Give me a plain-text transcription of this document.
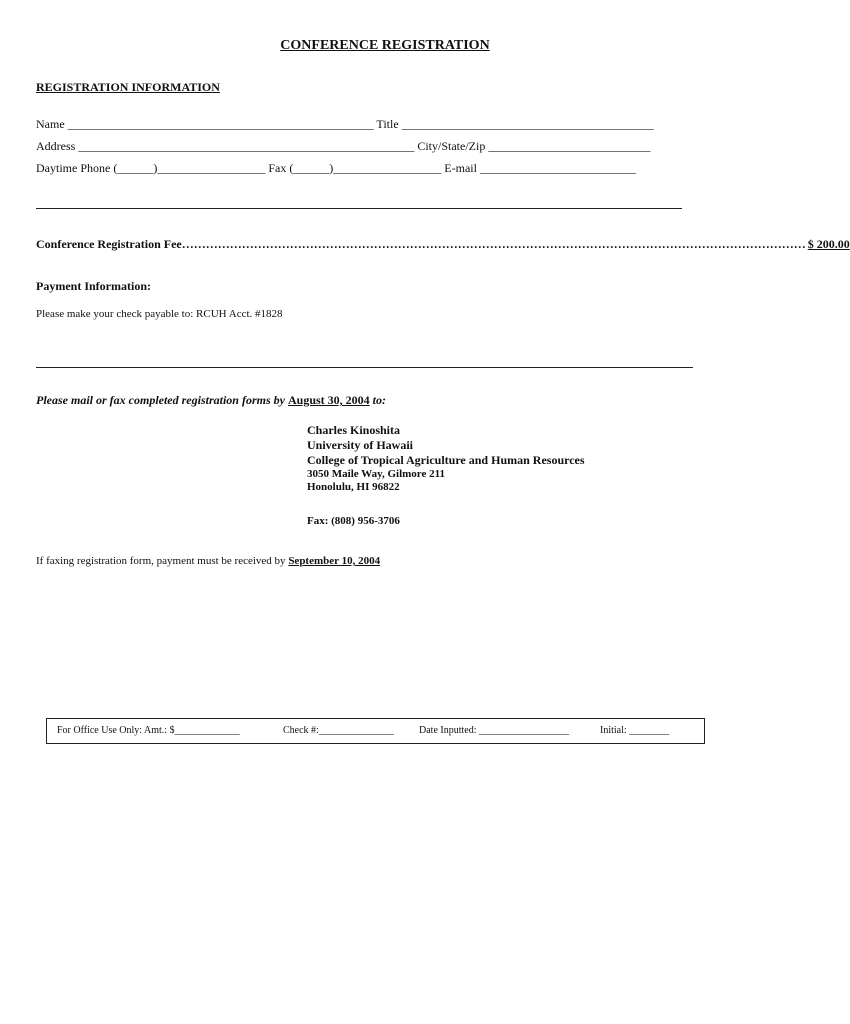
CONFERENCE REGISTRATION
REGISTRATION INFORMATION
Name ___________________________________________________ Title __________________________________________
Address ________________________________________________________ City/State/Zip ___________________________
Daytime Phone (______)__________________ Fax (______)__________________ E-mail __________________________
Conference Registration Fee ………………………………………………………………………………………………………………………………………… $ 200.00
Payment Information:
Please make your check payable to: RCUH Acct. #1828
Please mail or fax completed registration forms by August 30, 2004 to:
Charles Kinoshita
University of Hawaii
College of Tropical Agriculture and Human Resources
3050 Maile Way, Gilmore 211
Honolulu, HI 96822
Fax: (808) 956-3706
If faxing registration form, payment must be received by September 10, 2004
For Office Use Only: Amt.: $_____________	Check #:_______________	Date Inputted: __________________	Initial: ________
